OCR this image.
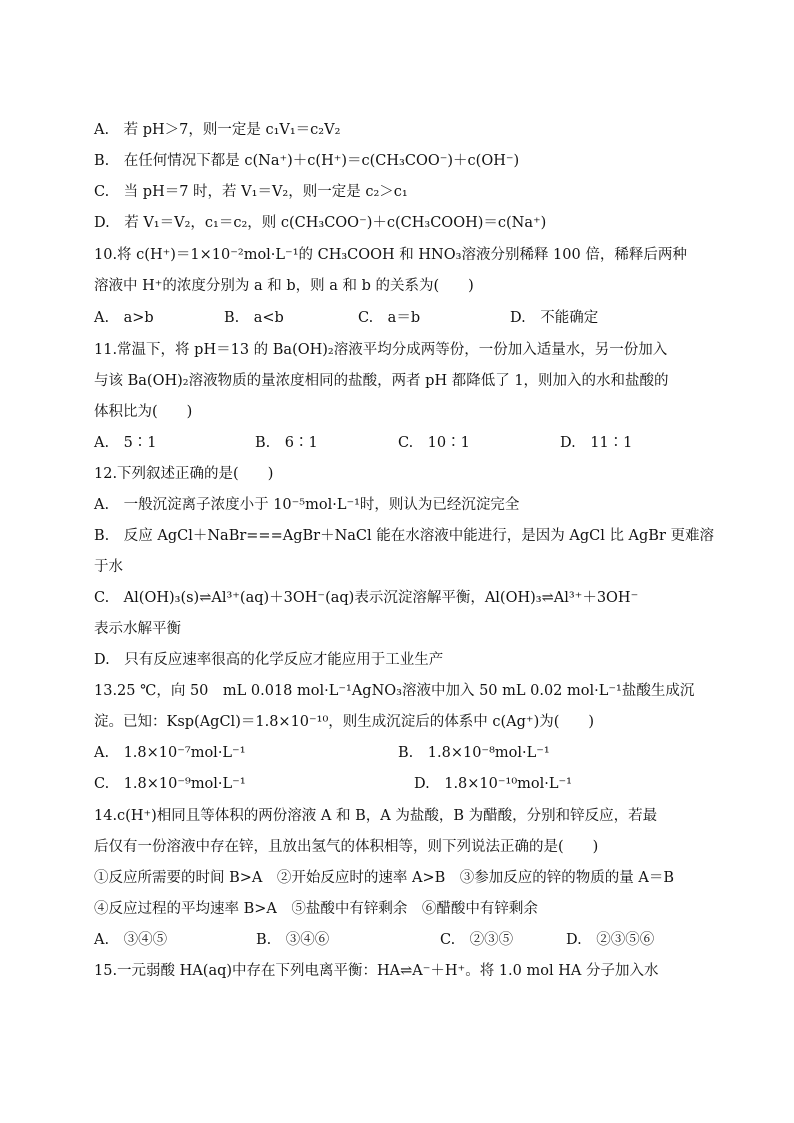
A.　若 pH＞7，则一定是 c₁V₁＝c₂V₂
B.　在任何情况下都是 c(Na⁺)＋c(H⁺)＝c(CH₃COO⁻)＋c(OH⁻)
C.　当 pH＝7 时，若 V₁＝V₂，则一定是 c₂＞c₁
D.　若 V₁＝V₂，c₁＝c₂，则 c(CH₃COO⁻)＋c(CH₃COOH)＝c(Na⁺)
10.将 c(H⁺)＝1×10⁻²mol·L⁻¹的 CH₃COOH 和 HNO₃溶液分别稀释 100 倍，稀释后两种
溶液中 H⁺的浓度分别为 a 和 b，则 a 和 b 的关系为(　　)
A.　a>b	B.　a<b	C.　a＝b	D.　不能确定
11.常温下，将 pH＝13 的 Ba(OH)₂溶液平均分成两等份，一份加入适量水，另一份加入
与该 Ba(OH)₂溶液物质的量浓度相同的盐酸，两者 pH 都降低了 1，则加入的水和盐酸的
体积比为(　　)
A.　5∶1	B.　6∶1	C.　10∶1	D.　11∶1
12.下列叙述正确的是(　　)
A.　一般沉淀离子浓度小于 10⁻⁵mol·L⁻¹时，则认为已经沉淀完全
B.　反应 AgCl＋NaBr===AgBr＋NaCl 能在水溶液中能进行，是因为 AgCl 比 AgBr 更难溶
于水
C.　Al(OH)₃(s)⇌Al³⁺(aq)＋3OH⁻(aq)表示沉淀溶解平衡，Al(OH)₃⇌Al³⁺＋3OH⁻
表示水解平衡
D.　只有反应速率很高的化学反应才能应用于工业生产
13.25 ℃，向 50　mL 0.018 mol·L⁻¹AgNO₃溶液中加入 50 mL 0.02 mol·L⁻¹盐酸生成沉
淀。已知：Ksp(AgCl)＝1.8×10⁻¹⁰，则生成沉淀后的体系中 c(Ag⁺)为(　　)
A.　1.8×10⁻⁷mol·L⁻¹	B.　1.8×10⁻⁸mol·L⁻¹
C.　1.8×10⁻⁹mol·L⁻¹	D.　1.8×10⁻¹⁰mol·L⁻¹
14.c(H⁺)相同且等体积的两份溶液 A 和 B，A 为盐酸，B 为醋酸，分别和锌反应，若最
后仅有一份溶液中存在锌，且放出氢气的体积相等，则下列说法正确的是(　　)
①反应所需要的时间 B>A　②开始反应时的速率 A>B　③参加反应的锌的物质的量 A＝B
④反应过程的平均速率 B>A　⑤盐酸中有锌剩余　⑥醋酸中有锌剩余
A.　③④⑤	B.　③④⑥	C.　②③⑤	D.　②③⑤⑥
15.一元弱酸 HA(aq)中存在下列电离平衡：HA⇌A⁻＋H⁺。将 1.0 mol HA 分子加入水
